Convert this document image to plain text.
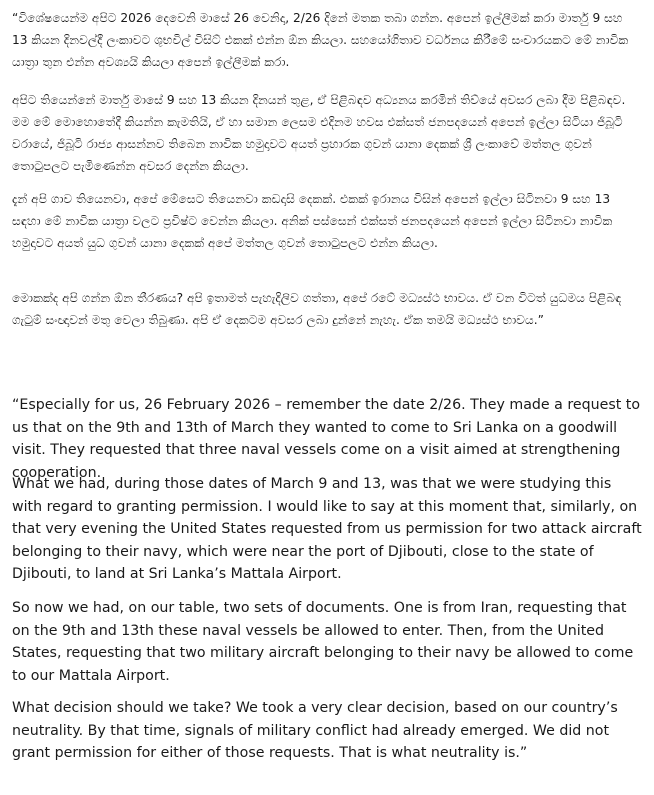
“විශේෂයෙන්ම අපිට 2026 දෙවෙනි මාසේ 26 වෙනිදා, 2/26 දිනේ මතක තබා ගන්න. අපෙන් ඉල්ලීමක් කරා මාර්තු 9 සහ 13 කියන දිනවල්දී ලංකාවට ශුභවිල් විසිට් එකක් එන්න ඕන කියලා. සහයෝගිතාව වර්ධනය කිරීමේ සංචාරයකට මේ නාවික යාත්‍රා තුන එන්න අවශ්‍යයි කියලා අපෙන් ඉල්ලීමක් කරා.

අපිට තියෙන්නේ මාර්තු මාසේ 9 සහ 13 කියන දිනයන් තුළ, ඒ පිළිබඳව අධ්‍යනය කරමින් තිව්යේ අවසර ලබා දීම පිළිබඳව. මම මේ මොහොතේදී කියන්න කැමතියි, ඒ හා සමාන ලෙසම එදිනම හවස එක්සත් ජනපදයෙන් අපෙන් ඉල්ලා සිටියා ජිබූටි වරායේ, ජිබූටි රාජ්‍ය ආසන්නව තිබෙන නාවික හමුදාවට අයත් ප්‍රහාරක ගුවන් යානා දෙකක් ශ්‍රී ලංකාවේ මත්තල ගුවන් තොටුපලට පැමිණෙන්න අවසර දෙන්න කියලා.

දැන් අපි ගාව තියෙනවා, අපේ මේසෙට තියෙනවා කඩදාසි දෙකක්. එකක් ඉරානය විසින් අපෙන් ඉල්ලා සිටිනවා 9 සහ 13 සඳහා මේ නාවික යාත්‍රා වලට ප්‍රවිෂ්ට වෙන්න කියලා. අනික් පස්සෙන් එක්සත් ජනපදයෙන් අපෙන් ඉල්ලා සිටිනවා නාවික හමුදාවට අයත් යුධ ගුවන් යානා දෙකක් අපේ මත්තල ගුවන් තොටුපලට එන්න කියලා.

මොකක්ද අපි ගන්න ඕන තීරණය? අපි ඉතාමත් පැහැදිලිව ගත්තා, අපේ රටේ මධ්‍යස්ථ භාවය. ඒ වන විටත් යුධමය පිළිබඳ ගැටුම් සංඥාවන් මතු වෙලා තිබුණා. අපි ඒ දෙකටම අවසර ලබා දුන්නේ නැහැ. ඒක තමයි මධ්‍යස්ථ භාවය.”

“Especially for us, 26 February 2026 – remember the date 2/26. They made a request to us that on the 9th and 13th of March they wanted to come to Sri Lanka on a goodwill visit. They requested that three naval vessels come on a visit aimed at strengthening cooperation.

What we had, during those dates of March 9 and 13, was that we were studying this with regard to granting permission. I would like to say at this moment that, similarly, on that very evening the United States requested from us permission for two attack aircraft belonging to their navy, which were near the port of Djibouti, close to the state of Djibouti, to land at Sri Lanka’s Mattala Airport.

So now we had, on our table, two sets of documents. One is from Iran, requesting that on the 9th and 13th these naval vessels be allowed to enter. Then, from the United States, requesting that two military aircraft belonging to their navy be allowed to come to our Mattala Airport.

What decision should we take? We took a very clear decision, based on our country’s neutrality. By that time, signals of military conflict had already emerged. We did not grant permission for either of those requests. That is what neutrality is.”
